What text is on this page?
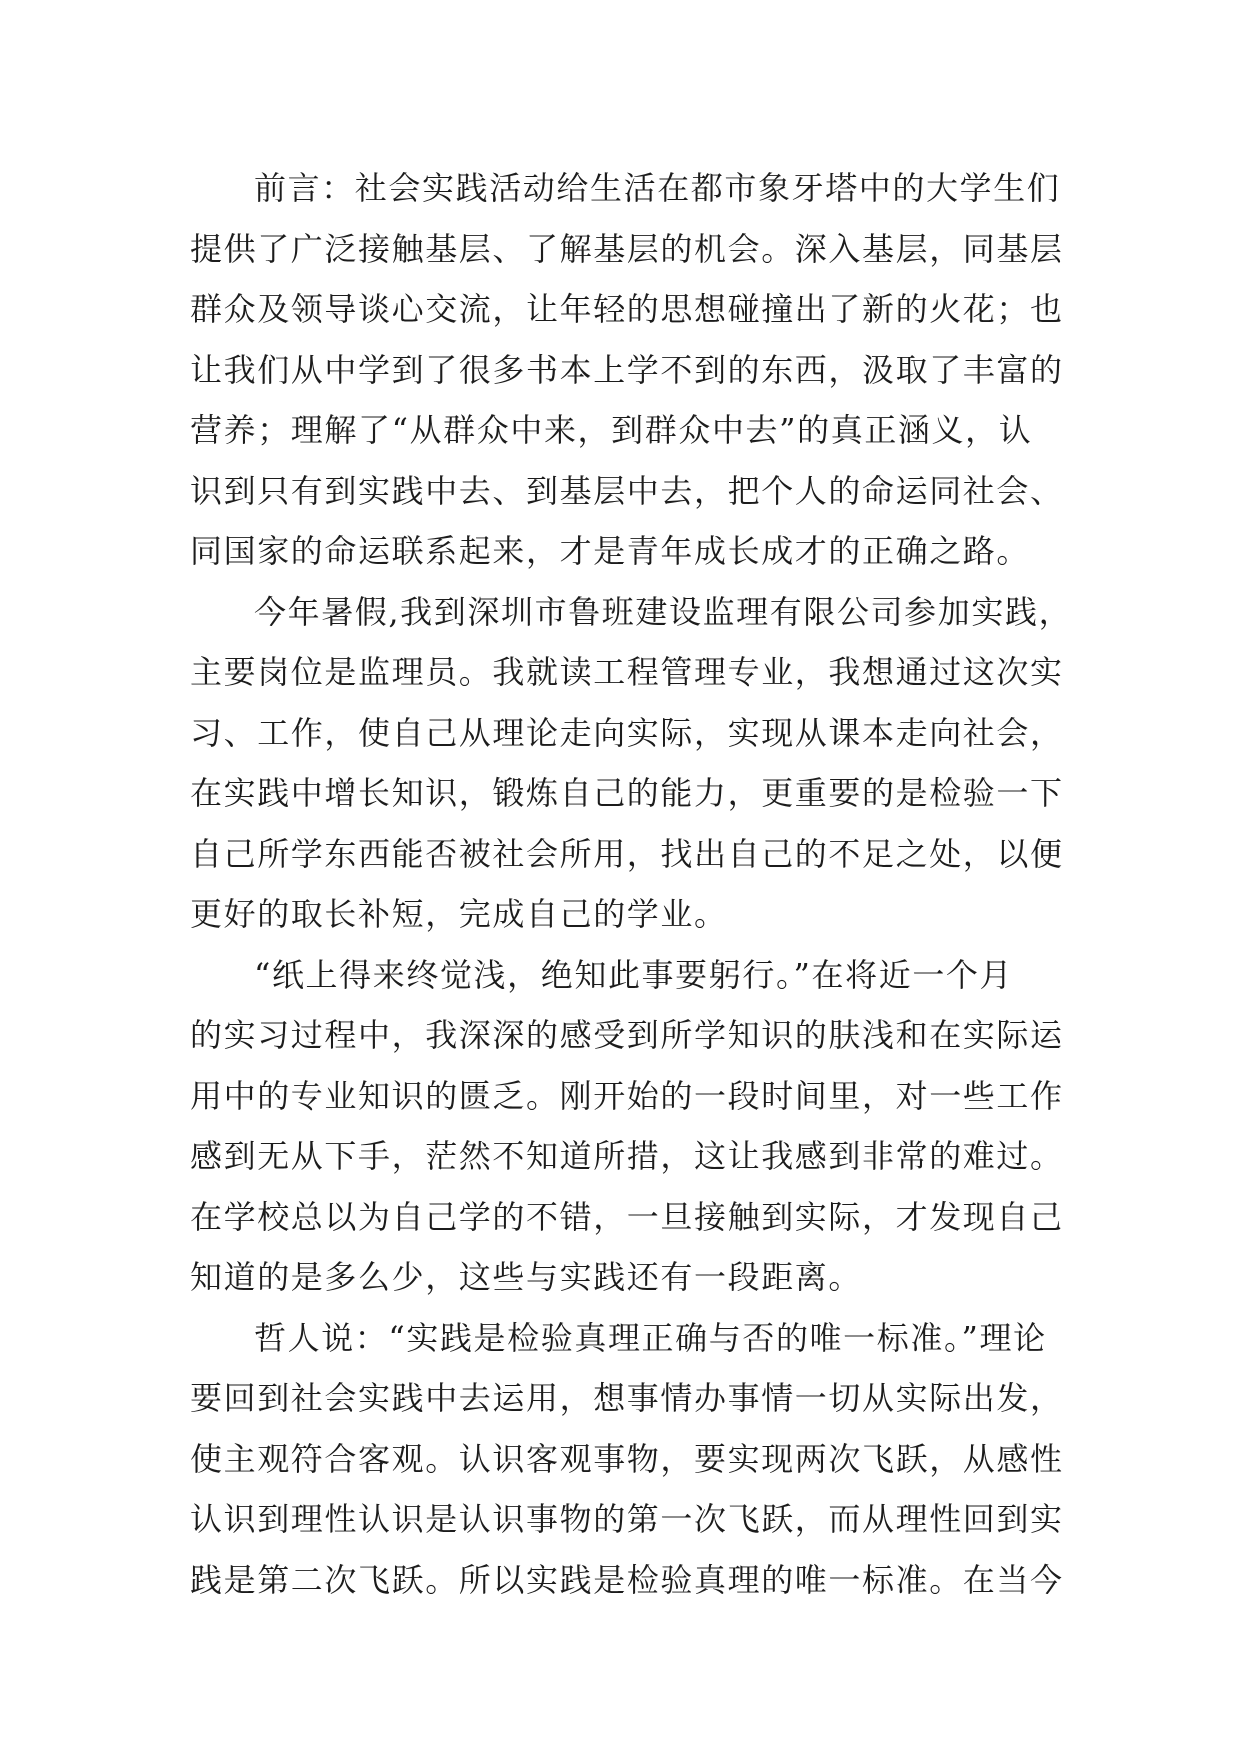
前言：社会实践活动给生活在都市象牙塔中的大学生们
提供了广泛接触基层、了解基层的机会。深入基层，同基层
群众及领导谈心交流，让年轻的思想碰撞出了新的火花；也
让我们从中学到了很多书本上学不到的东西，汲取了丰富的
营养；理解了“从群众中来，到群众中去”的真正涵义，认
识到只有到实践中去、到基层中去，把个人的命运同社会、
同国家的命运联系起来，才是青年成长成才的正确之路。
今年暑假,我到深圳市鲁班建设监理有限公司参加实践，
主要岗位是监理员。我就读工程管理专业，我想通过这次实
习、工作，使自己从理论走向实际，实现从课本走向社会，
在实践中增长知识，锻炼自己的能力，更重要的是检验一下
自己所学东西能否被社会所用，找出自己的不足之处，以便
更好的取长补短，完成自己的学业。
“纸上得来终觉浅，绝知此事要躬行。”在将近一个月
的实习过程中，我深深的感受到所学知识的肤浅和在实际运
用中的专业知识的匮乏。刚开始的一段时间里，对一些工作
感到无从下手，茫然不知道所措，这让我感到非常的难过。
在学校总以为自己学的不错，一旦接触到实际，才发现自己
知道的是多么少，这些与实践还有一段距离。
哲人说：“实践是检验真理正确与否的唯一标准。”理论
要回到社会实践中去运用，想事情办事情一切从实际出发，
使主观符合客观。认识客观事物，要实现两次飞跃，从感性
认识到理性认识是认识事物的第一次飞跃，而从理性回到实
践是第二次飞跃。所以实践是检验真理的唯一标准。在当今
